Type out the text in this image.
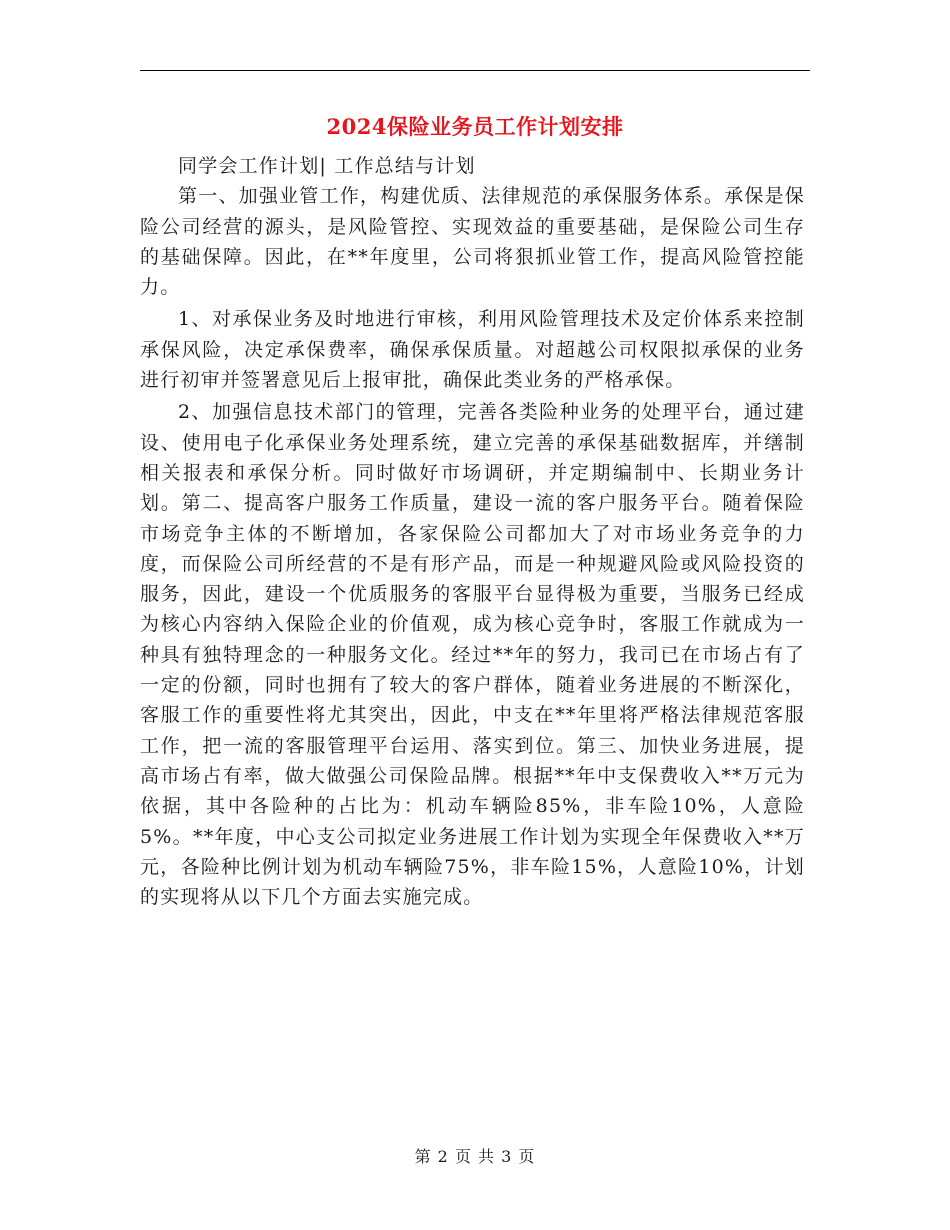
2024保险业务员工作计划安排

同学会工作计划| 工作总结与计划

第一、加强业管工作，构建优质、法律规范的承保服务体系。承保是保险公司经营的源头，是风险管控、实现效益的重要基础，是保险公司生存的基础保障。因此，在**年度里，公司将狠抓业管工作，提高风险管控能力。

1、对承保业务及时地进行审核，利用风险管理技术及定价体系来控制承保风险，决定承保费率，确保承保质量。对超越公司权限拟承保的业务进行初审并签署意见后上报审批，确保此类业务的严格承保。

2、加强信息技术部门的管理，完善各类险种业务的处理平台，通过建设、使用电子化承保业务处理系统，建立完善的承保基础数据库，并缮制相关报表和承保分析。同时做好市场调研，并定期编制中、长期业务计划。第二、提高客户服务工作质量，建设一流的客户服务平台。随着保险市场竞争主体的不断增加，各家保险公司都加大了对市场业务竞争的力度，而保险公司所经营的不是有形产品，而是一种规避风险或风险投资的服务，因此，建设一个优质服务的客服平台显得极为重要，当服务已经成为核心内容纳入保险企业的价值观，成为核心竞争时，客服工作就成为一种具有独特理念的一种服务文化。经过**年的努力，我司已在市场占有了一定的份额，同时也拥有了较大的客户群体，随着业务进展的不断深化，客服工作的重要性将尤其突出，因此，中支在**年里将严格法律规范客服工作，把一流的客服管理平台运用、落实到位。第三、加快业务进展，提高市场占有率，做大做强公司保险品牌。根据**年中支保费收入**万元为依据，其中各险种的占比为：机动车辆险85%，非车险10%，人意险5%。**年度，中心支公司拟定业务进展工作计划为实现全年保费收入**万元，各险种比例计划为机动车辆险75%，非车险15%，人意险10%，计划的实现将从以下几个方面去实施完成。

第 2 页 共 3 页
